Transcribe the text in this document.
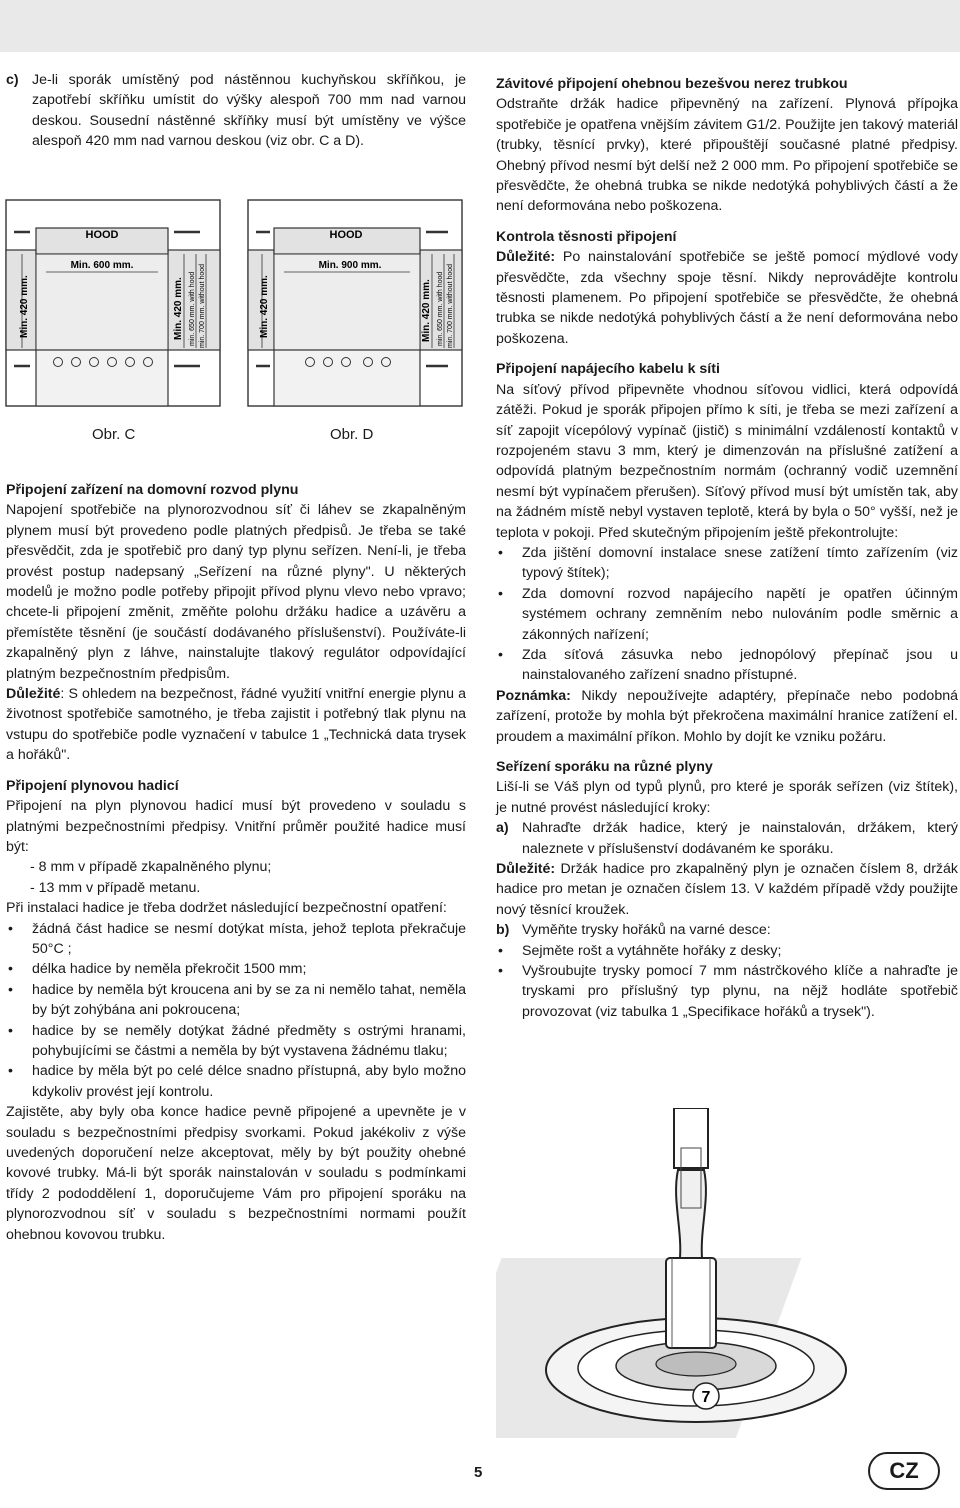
c) Je-li sporák umístěný pod nástěnnou kuchyňskou skříňkou, je zapotřebí skříňku umístit do výšky alespoň 700 mm nad varnou deskou. Sousední nástěnné skříňky musí být umístěny ve výšce alespoň 420 mm nad varnou deskou (viz obr. C a D).

HOOD
Min. 600 mm.
Min. 420 mm.	Min. 420 mm. min. 650 mm. with hood min. 700 mm. without hood
HOOD
Min. 900 mm.
Min. 420 mm.	Min. 420 mm. min. 650 mm. with hood min. 700 mm. without hood
Obr. C	Obr. D
Připojení zařízení na domovní rozvod plynu

Napojení spotřebiče na plynorozvodnou síť či láhev se zkapalněným plynem musí být provedeno podle platných předpisů. Je třeba se také přesvědčit, zda je spotřebič pro daný typ plynu seřízen. Není-li, je třeba provést postup nadepsaný „Seřízení na různé plyny". U některých modelů je možno podle potřeby připojit přívod plynu vlevo nebo vpravo; chcete-li připojení změnit, změňte polohu držáku hadice a uzávěru a přemístěte těsnění (je součástí dodávaného příslušenství). Používáte-li zkapalněný plyn z láhve, nainstalujte tlakový regulátor odpovídající platným bezpečnostním předpisům.

Důležité: S ohledem na bezpečnost, řádné využití vnitřní energie plynu a životnost spotřebiče samotného, je třeba zajistit i potřebný tlak plynu na vstupu do spotřebiče podle vyznačení v tabulce 1 „Technická data trysek a hořáků".

Připojení plynovou hadicí

Připojení na plyn plynovou hadicí musí být provedeno v souladu s platnými bezpečnostními předpisy. Vnitřní průměr použité hadice musí být:

- 8 mm v případě zkapalněného plynu;

- 13 mm v případě metanu.

Při instalaci hadice je třeba dodržet následující bezpečnostní opatření:

• žádná část hadice se nesmí dotýkat místa, jehož teplota překračuje 50°C ;
• délka hadice by neměla překročit 1500 mm;
• hadice by neměla být kroucena ani by se za ni nemělo tahat, neměla by být zohýbána ani pokroucena;
• hadice by se neměly dotýkat žádné předměty s ostrými hranami, pohybujícími se částmi a neměla by být vystavena žádnému tlaku;
• hadice by měla být po celé délce snadno přístupná, aby bylo možno kdykoliv provést její kontrolu.

Zajistěte, aby byly oba konce hadice pevně připojené a upevněte je v souladu s bezpečnostními předpisy svorkami. Pokud jakékoliv z výše uvedených doporučení nelze akceptovat, měly by být použity ohebné kovové trubky. Má-li být sporák nainstalován v souladu s podmínkami třídy 2 pododdělení 1, doporučujeme Vám pro připojení sporáku na plynorozvodnou síť v souladu s bezpečnostními normami použít ohebnou kovovou trubku.

Závitové připojení ohebnou bezešvou nerez trubkou

Odstraňte držák hadice připevněný na zařízení. Plynová přípojka spotřebiče je opatřena vnějším závitem G1/2. Použijte jen takový materiál (trubky, těsnící prvky), které připouštějí současné platné předpisy. Ohebný přívod nesmí být delší než 2 000 mm. Po připojení spotřebiče se přesvědčte, že ohebná trubka se nikde nedotýká pohyblivých částí a že není deformována nebo poškozena.

Kontrola těsnosti připojení

Důležité: Po nainstalování spotřebiče se ještě pomocí mýdlové vody přesvědčte, zda všechny spoje těsní. Nikdy neprovádějte kontrolu těsnosti plamenem. Po připojení spotřebiče se přesvědčte, že ohebná trubka se nikde nedotýká pohyblivých částí a že není deformována nebo poškozena.

Připojení napájecího kabelu k síti

Na síťový přívod připevněte vhodnou síťovou vidlici, která odpovídá zátěži. Pokud je sporák připojen přímo k síti, je třeba se mezi zařízení a síť zapojit vícepólový vypínač (jistič) s minimální vzdáleností kontaktů v rozpojeném stavu 3 mm, který je dimenzován na příslušné zatížení a odpovídá platným bezpečnostním normám (ochranný vodič uzemnění nesmí být vypínačem přerušen). Síťový přívod musí být umístěn tak, aby na žádném místě nebyl vystaven teplotě, která by byla o 50° vyšší, než je teplota v pokoji. Před skutečným připojením ještě překontrolujte:

• Zda jištění domovní instalace snese zatížení tímto zařízením (viz typový štítek);
• Zda domovní rozvod napájecího napětí je opatřen účinným systémem ochrany zemněním nebo nulováním podle směrnic a zákonných nařízení;
• Zda síťová zásuvka nebo jednopólový přepínač jsou u nainstalovaného zařízení snadno přístupné.

Poznámka: Nikdy nepoužívejte adaptéry, přepínače nebo podobná zařízení, protože by mohla být překročena maximální hranice zatížení el. proudem a maximální příkon. Mohlo by dojít ke vzniku požáru.

Seřízení sporáku na různé plyny

Liší-li se Váš plyn od typů plynů, pro které je sporák seřízen (viz štítek), je nutné provést následující kroky:

a) Nahraďte držák hadice, který je nainstalován, držákem, který naleznete v příslušenství dodávaném ke sporáku.

Důležité: Držák hadice pro zkapalněný plyn je označen číslem 8, držák hadice pro metan je označen číslem 13. V každém případě vždy použijte nový těsnící kroužek.

b) Vyměňte trysky hořáků na varné desce:
• Sejměte rošt a vytáhněte hořáky z desky;
• Vyšroubujte trysky pomocí 7 mm nástrčkového klíče a nahraďte je tryskami pro příslušný typ plynu, na nějž hodláte spotřebič provozovat (viz tabulka 1 „Specifikace hořáků a trysek").
7
5	CZ
